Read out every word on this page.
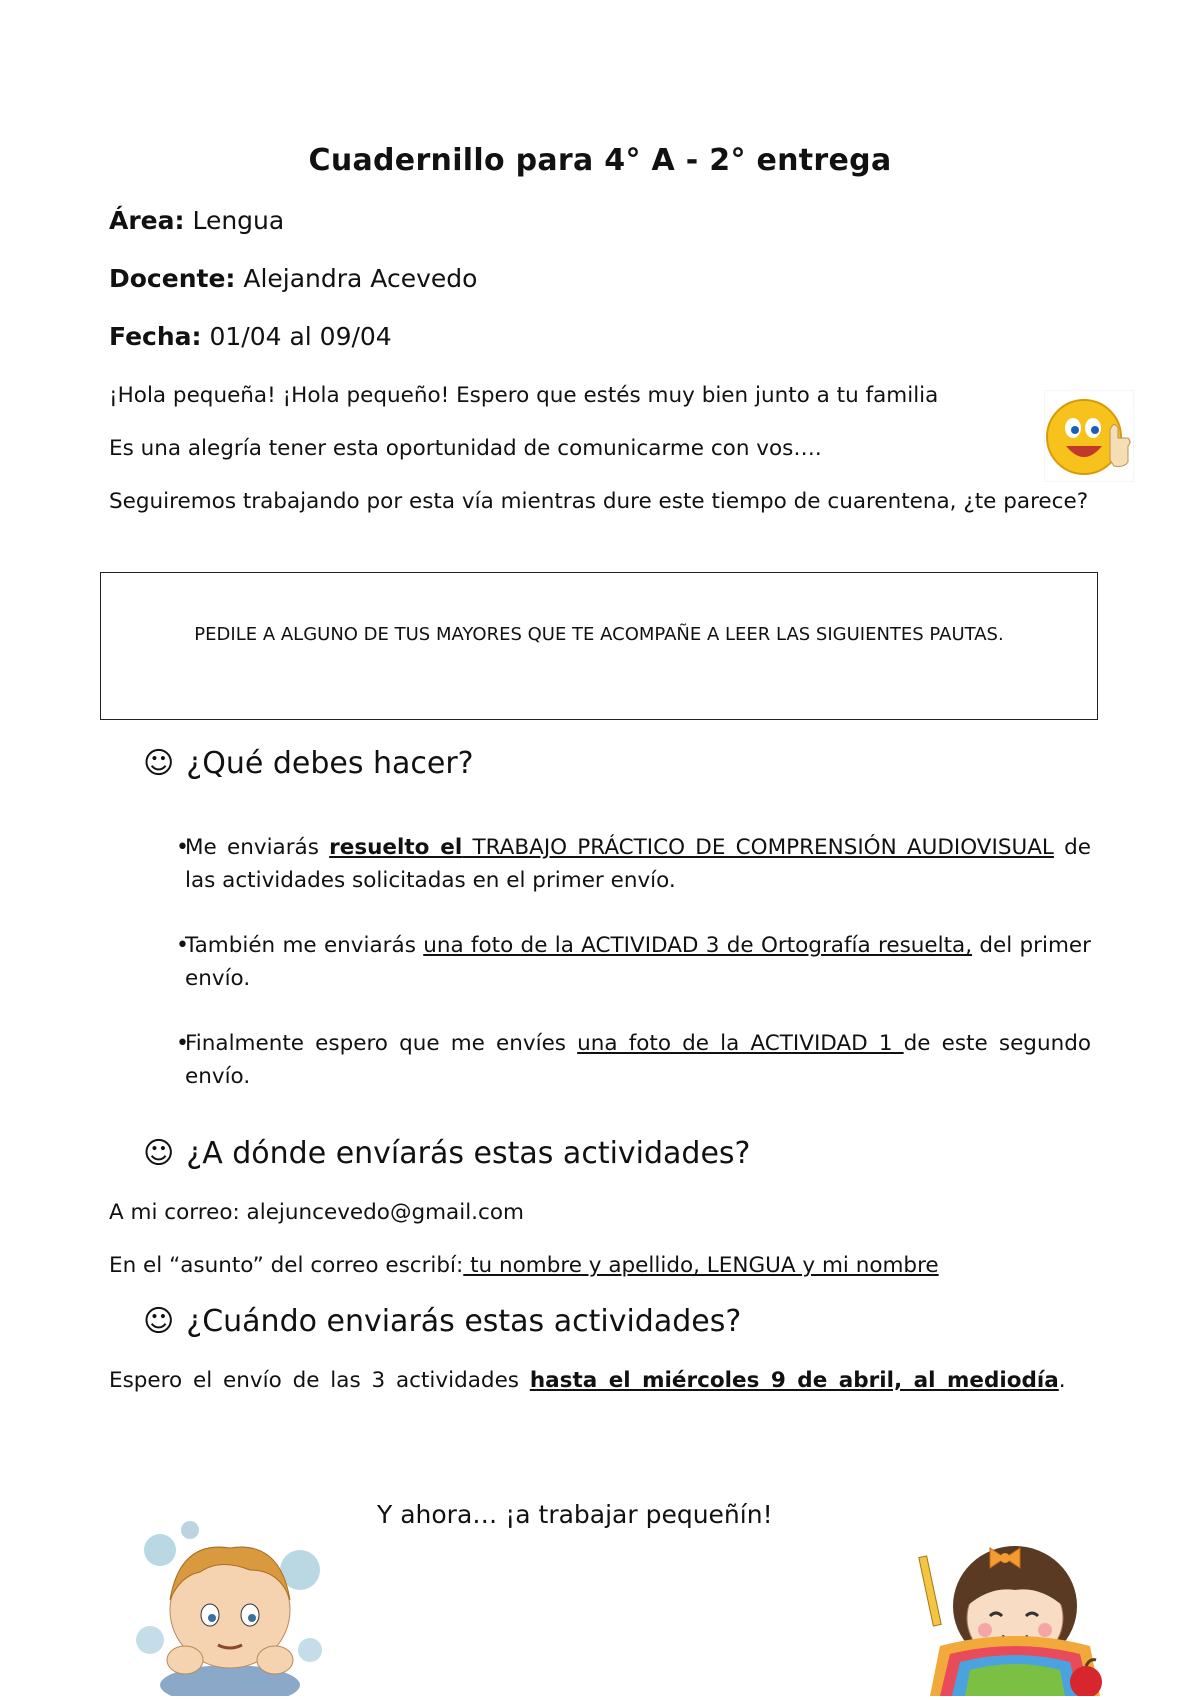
Cuadernillo para 4° A - 2° entrega
Área: Lengua
Docente: Alejandra Acevedo
Fecha: 01/04 al 09/04
¡Hola pequeña! ¡Hola pequeño! Espero que estés muy bien junto a tu familia
Es una alegría tener esta oportunidad de comunicarme con vos….
Seguiremos trabajando por esta vía mientras dure este tiempo de cuarentena, ¿te parece?
PEDILE A ALGUNO DE TUS MAYORES QUE TE ACOMPAÑE A LEER LAS SIGUIENTES PAUTAS.
☺ ¿Qué debes hacer?
• Me enviarás resuelto el TRABAJO PRÁCTICO DE COMPRENSIÓN AUDIOVISUAL de las actividades solicitadas en el primer envío.
• También me enviarás una foto de la ACTIVIDAD 3 de Ortografía resuelta, del primer envío.
• Finalmente espero que me envíes una foto de la ACTIVIDAD 1 de este segundo envío.
☺ ¿A dónde envíarás estas actividades?
A mi correo: alejuncevedo@gmail.com
En el “asunto” del correo escribí: tu nombre y apellido, LENGUA y mi nombre
☺ ¿Cuándo enviarás estas actividades?
Espero el envío de las 3 actividades hasta el miércoles 9 de abril, al mediodía.
Y ahora… ¡a trabajar pequeñín!
